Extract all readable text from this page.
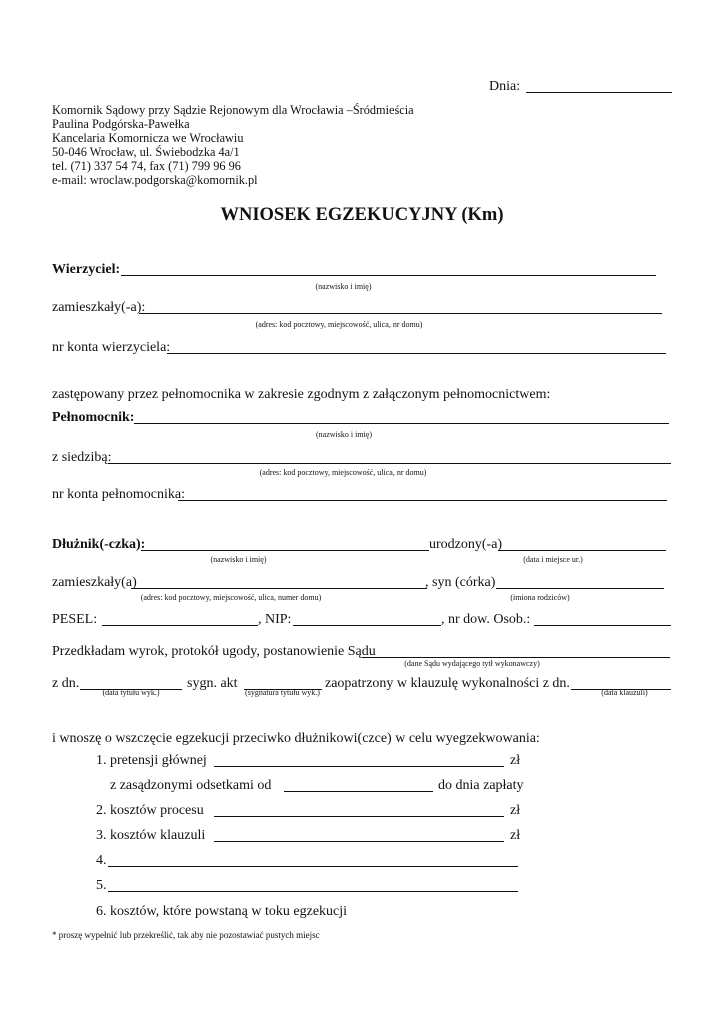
Dnia:
Komornik Sądowy przy Sądzie Rejonowym dla Wrocławia –Śródmieścia
Paulina Podgórska-Pawełka
Kancelaria Komornicza we Wrocławiu
50-046 Wrocław, ul. Świebodzka 4a/1
tel. (71) 337 54 74, fax (71) 799 96 96
e-mail: wroclaw.podgorska@komornik.pl
WNIOSEK EGZEKUCYJNY (Km)
Wierzyciel:
(nazwisko i imię)
zamieszkały(-a):
(adres: kod pocztowy, miejscowość, ulica, nr domu)
nr konta wierzyciela:
zastępowany przez pełnomocnika w zakresie zgodnym z załączonym pełnomocnictwem:
Pełnomocnik:
(nazwisko i imię)
z siedzibą:
(adres: kod pocztowy, miejscowość, ulica, nr domu)
nr konta pełnomocnika:
Dłużnik(-czka):	urodzony(-a)
(nazwisko i imię)	(data i miejsce ur.)
zamieszkały(a)	, syn (córka)
(adres: kod pocztowy, miejscowość, ulica, numer domu)	(imiona rodziców)
PESEL:	, NIP:	, nr dow. Osob.:
Przedkładam wyrok, protokół ugody, postanowienie Sądu
(dane Sądu wydającego tytł wykonawczy)
z dn.	sygn. akt	zaopatrzony w klauzulę wykonalności z dn.
(data tytułu wyk.)	(sygnatura tytułu wyk.)	(data klauzuli)
i wnoszę o wszczęcie egzekucji przeciwko dłużnikowi(czce) w celu wyegzekwowania:
1. pretensji głównej	zł
z zasądzonymi odsetkami od	do dnia zapłaty
2. kosztów procesu	zł
3. kosztów klauzuli	zł
4.
5.
6. kosztów, które powstaną w toku egzekucji
* proszę wypełnić lub przekreślić, tak aby nie pozostawiać pustych miejsc
